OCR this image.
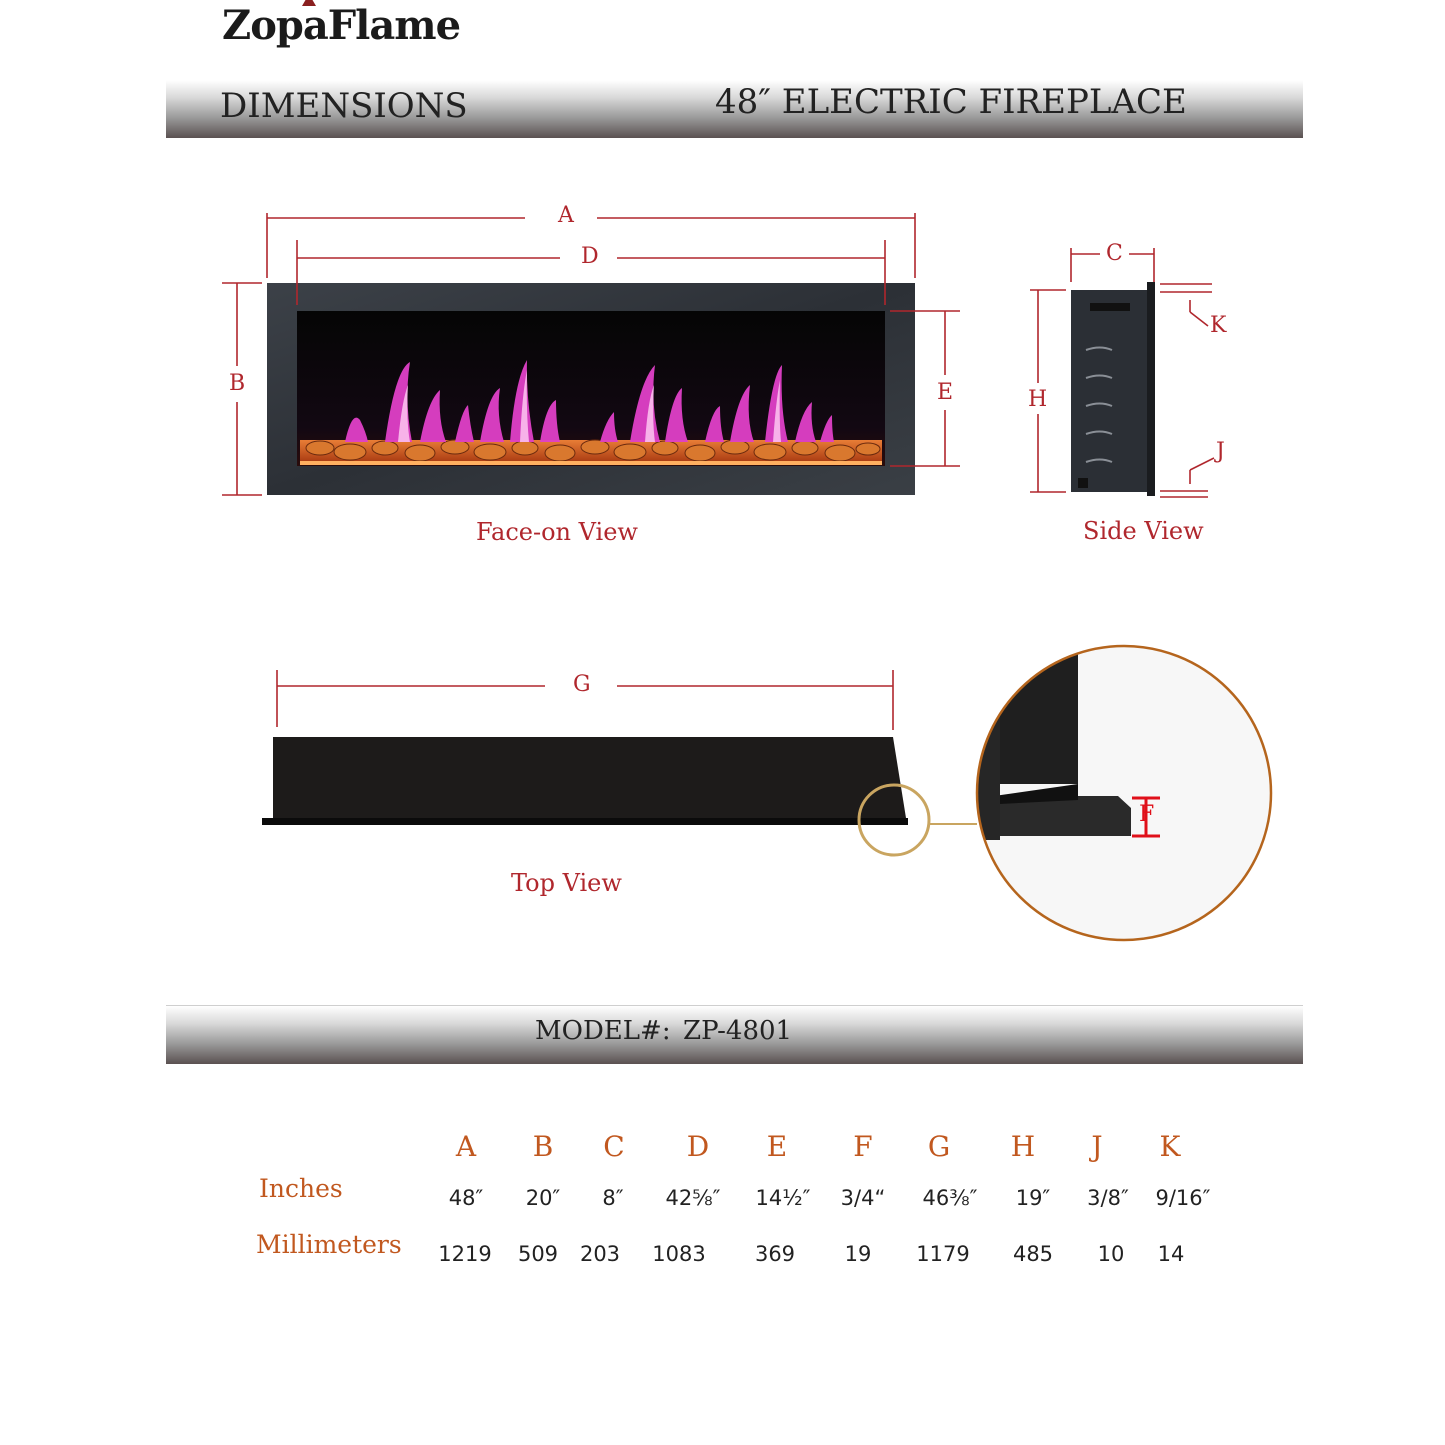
ZopaFlame
DIMENSIONS	48″ ELECTRIC FIREPLACE
A
D
B	E
C
H
K
J
G
F
Face-on View	Side View
Top View
MODEL#: ZP-4801
A	B	C	D	E	F	G	H	J	K
Inches	48″	20″	8″	42⅝″	14½″	3/4“	46⅜″	19″	3/8″	9/16″
Millimeters	1219	509	203	1083	369	19	1179	485	10	14
